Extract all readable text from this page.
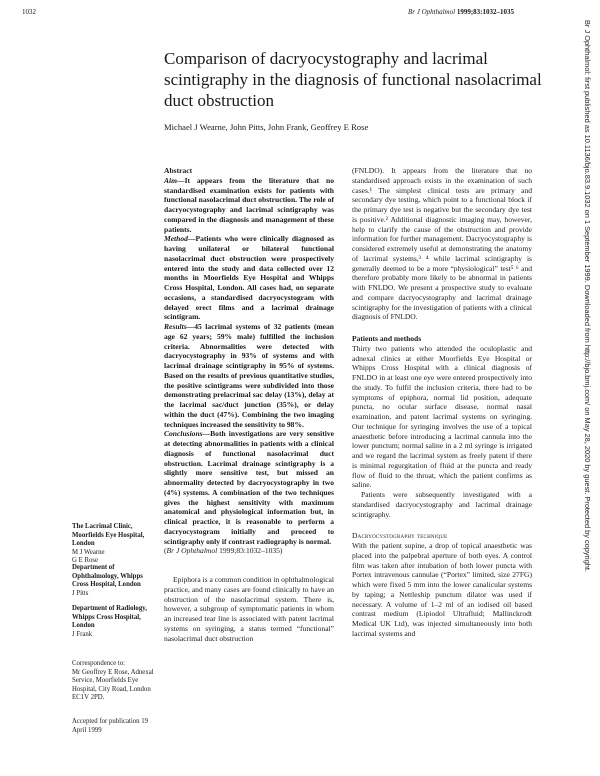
1032	Br J Ophthalmol 1999;83:1032–1035
Br J Ophthalmol: first published as 10.1136/bjo.83.9.1032 on 1 September 1999. Downloaded from http://bjo.bmj.com/ on May 28, 2020 by guest. Protected by copyright.
Comparison of dacryocystography and lacrimal scintigraphy in the diagnosis of functional nasolacrimal duct obstruction
Michael J Wearne, John Pitts, John Frank, Geoffrey E Rose

Abstract

Aim—It appears from the literature that no standardised examination exists for patients with functional nasolacrimal duct obstruction. The role of dacryocystography and lacrimal scintigraphy was compared in the diagnosis and management of these patients.

Method—Patients who were clinically diagnosed as having unilateral or bilateral functional nasolacrimal duct obstruction were prospectively entered into the study and data collected over 12 months in Moorfields Eye Hospital and Whipps Cross Hospital, London. All cases had, on separate occasions, a standardised dacryocystogram with delayed erect films and a lacrimal drainage scintigram.

Results—45 lacrimal systems of 32 patients (mean age 62 years; 59% male) fulfilled the inclusion criteria. Abnormalities were detected with dacryocystography in 93% of systems and with lacrimal drainage scintigraphy in 95% of systems. Based on the results of previous quantitative studies, the positive scintigrams were subdivided into those demonstrating prelacrimal sac delay (13%), delay at the lacrimal sac/duct junction (35%), or delay within the duct (47%). Combining the two imaging techniques increased the sensitivity to 98%.

Conclusions—Both investigations are very sensitive at detecting abnormalities in patients with a clinical diagnosis of functional nasolacrimal duct obstruction. Lacrimal drainage scintigraphy is a slightly more sensitive test, but missed an abnormality detected by dacryocystography in two (4%) systems. A combination of the two techniques gives the highest sensitivity with maximum anatomical and physiological information but, in clinical practice, it is reasonable to perform a dacryocystogram initially and proceed to scintigraphy only if contrast radiography is normal.

(Br J Ophthalmol 1999;83:1032–1035)

Epiphora is a common condition in ophthalmological practice, and many cases are found clinically to have an obstruction of the nasolacrimal system. There is, however, a subgroup of symptomatic patients in whom an increased tear line is associated with patent lacrimal systems on syringing, a status termed “functional” nasolacrimal duct obstruction

(FNLDO). It appears from the literature that no standardised approach exists in the examination of such cases.¹ The simplest clinical tests are primary and secondary dye testing, which point to a functional block if the primary dye test is negative but the secondary dye test is positive.² Additional diagnostic imaging may, however, help to clarify the cause of the obstruction and provide information for further management. Dacryocystography is considered extremely useful at demonstrating the anatomy of lacrimal systems,³ ⁴ while lacrimal scintigraphy is generally deemed to be a more “physiological” test⁵ ⁶ and therefore probably more likely to be abnormal in patients with FNLDO. We present a prospective study to evaluate and compare dacryocystography and lacrimal drainage scintigraphy for the investigation of patients with a clinical diagnosis of FNLDO.

Patients and methods

Thirty two patients who attended the oculoplastic and adnexal clinics at either Moorfields Eye Hospital or Whipps Cross Hospital with a clinical diagnosis of FNLDO in at least one eye were entered prospectively into the study. To fulfil the inclusion criteria, there had to be symptoms of epiphora, normal lid position, adequate puncta, no ocular surface disease, normal nasal examination, and patent lacrimal systems on syringing. Our technique for syringing involves the use of a topical anaesthetic before introducing a lacrimal cannula into the lower punctum; normal saline in a 2 ml syringe is irrigated and we regard the lacrimal system as freely patent if there is minimal regurgitation of fluid at the puncta and ready flow of fluid to the throat, which the patient confirms as saline.

Patients were subsequently investigated with a standardised dacryocystography and lacrimal drainage scintigraphy.

Dacryocystography technique

With the patient supine, a drop of topical anaesthetic was placed into the palpebral aperture of both eyes. A control film was taken after intubation of both lower puncta with Portex intravenous cannulae (“Portex” limited, size 27FG) which were fixed 5 mm into the lower canalicular systems by taping; a Nettleship punctum dilator was used if necessary. A volume of 1–2 ml of an iodised oil based contrast medium (Lipiodol Ultrafluid; Mallinckrodt Medical UK Ltd), was injected simultaneously into both lacrimal systems and

The Lacrimal Clinic, Moorfields Eye Hospital, London

M J Wearne
G E Rose

Department of Ophthalmology, Whipps Cross Hospital, London

J Pitts

Department of Radiology, Whipps Cross Hospital, London

J Frank

Correspondence to:

Mr Geoffrey E Rose, Adnexal Service, Moorfields Eye Hospital, City Road, London EC1V 2PD.

Accepted for publication 19 April 1999
